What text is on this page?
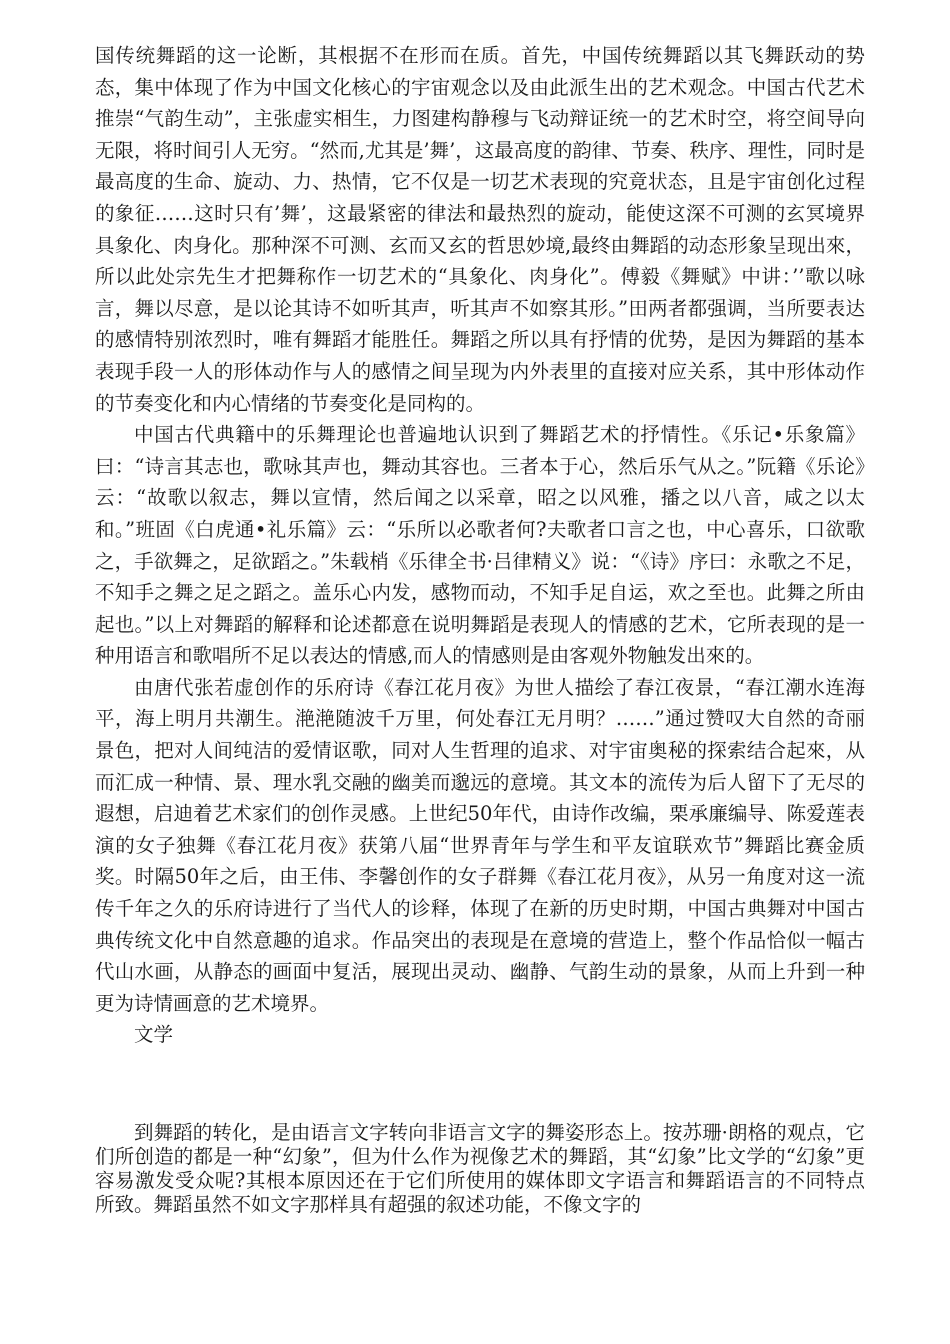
国传统舞蹈的这一论断，其根据不在形而在质。首先，中国传统舞蹈以其飞舞跃动的势态，集中体现了作为中国文化核心的宇宙观念以及由此派生出的艺术观念。中国古代艺术推崇“气韵生动”，主张虚实相生，力图建构静穆与飞动辩证统一的艺术时空，将空间导向无限，将时间引人无穷。“然而,尤其是’舞’，这最高度的韵律、节奏、秩序、理性，同时是最高度的生命、旋动、力、热情，它不仅是一切艺术表现的究竟状态，且是宇宙创化过程的象征……这时只有’舞’，这最紧密的律法和最热烈的旋动，能使这深不可测的玄冥境界具象化、肉身化。那种深不可测、玄而又玄的哲思妙境,最终由舞蹈的动态形象呈现出來，所以此处宗先生才把舞称作一切艺术的“具象化、肉身化”。傅毅《舞赋》中讲：’’歌以咏言，舞以尽意，是以论其诗不如听其声，听其声不如察其形。”田两者都强调，当所要表达的感情特别浓烈时，唯有舞蹈才能胜任。舞蹈之所以具有抒情的优势，是因为舞蹈的基本表现手段一人的形体动作与人的感情之间呈现为内外表里的直接对应关系，其中形体动作的节奏变化和内心情绪的节奏变化是同构的。

中国古代典籍中的乐舞理论也普遍地认识到了舞蹈艺术的抒情性。《乐记•乐象篇》曰：“诗言其志也，歌咏其声也，舞动其容也。三者本于心，然后乐气从之。”阮籍《乐论》云：“故歌以叙志，舞以宣情，然后闻之以采章，昭之以风雅，播之以八音，咸之以太和。”班固《白虎通•礼乐篇》云：“乐所以必歌者何?夫歌者口言之也，中心喜乐，口欲歌之，手欲舞之，足欲蹈之。”朱载梢《乐律全书·吕律精义》说：“《诗》序曰：永歌之不足，不知手之舞之足之蹈之。盖乐心内发，感物而动，不知手足自运，欢之至也。此舞之所由起也。”以上对舞蹈的解释和论述都意在说明舞蹈是表现人的情感的艺术，它所表现的是一种用语言和歌唱所不足以表达的情感,而人的情感则是由客观外物触发出來的。

由唐代张若虚创作的乐府诗《春江花月夜》为世人描绘了春江夜景，“春江潮水连海平，海上明月共潮生。滟滟随波千万里，何处春江无月明？……”通过赞叹大自然的奇丽景色，把对人间纯洁的爱情讴歌，同对人生哲理的追求、对宇宙奥秘的探索结合起來，从而汇成一种情、景、理水乳交融的幽美而邈远的意境。其文本的流传为后人留下了无尽的遐想，启迪着艺术家们的创作灵感。上世纪50年代，由诗作改编，栗承廉编导、陈爱莲表演的女子独舞《春江花月夜》获第八届“世界青年与学生和平友谊联欢节”舞蹈比赛金质奖。时隔50年之后，由王伟、李馨创作的女子群舞《春江花月夜》，从另一角度对这一流传千年之久的乐府诗进行了当代人的诊释，体现了在新的历史时期，中国古典舞对中国古典传统文化中自然意趣的追求。作品突出的表现是在意境的营造上，整个作品恰似一幅古代山水画，从静态的画面中复活，展现出灵动、幽静、气韵生动的景象，从而上升到一种更为诗情画意的艺术境界。

文学

到舞蹈的转化，是由语言文字转向非语言文字的舞姿形态上。按苏珊·朗格的观点，它们所创造的都是一种“幻象”，但为什么作为视像艺术的舞蹈，其“幻象”比文学的“幻象”更容易激发受众呢?其根本原因还在于它们所使用的媒体即文字语言和舞蹈语言的不同特点所致。舞蹈虽然不如文字那样具有超强的叙述功能，不像文字的
